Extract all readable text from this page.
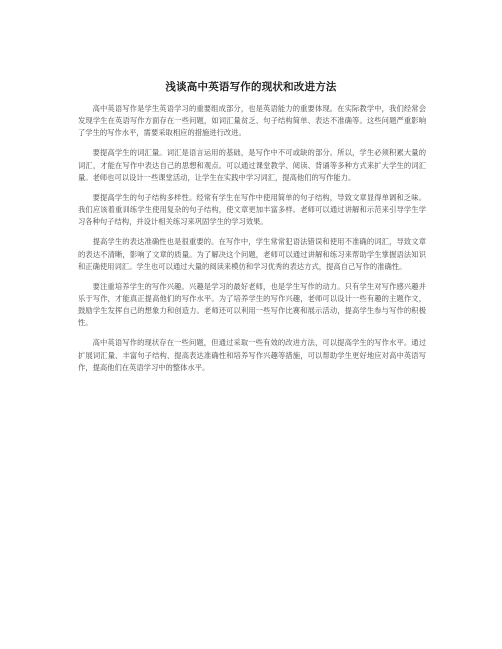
浅谈高中英语写作的现状和改进方法

高中英语写作是学生英语学习的重要组成部分，也是英语能力的重要体现。在实际教学中，我们经常会发现学生在英语写作方面存在一些问题，如词汇量贫乏、句子结构简单、表达不准确等。这些问题严重影响了学生的写作水平，需要采取相应的措施进行改进。

要提高学生的词汇量。词汇是语言运用的基础，是写作中不可或缺的部分。所以，学生必须积累大量的词汇，才能在写作中表达自己的思想和观点。可以通过课堂教学、阅读、背诵等多种方式来扩大学生的词汇量。老师也可以设计一些课堂活动，让学生在实践中学习词汇，提高他们的写作能力。

要提高学生的句子结构多样性。经常有学生在写作中使用简单的句子结构，导致文章显得单调和乏味。我们应该着重训练学生使用复杂的句子结构，使文章更加丰富多样。老师可以通过讲解和示范来引导学生学习各种句子结构，并设计相关练习来巩固学生的学习效果。

提高学生的表达准确性也是很重要的。在写作中，学生常常犯语法错误和使用不准确的词汇，导致文章的表达不清晰，影响了文章的质量。为了解决这个问题，老师可以通过讲解和练习来帮助学生掌握语法知识和正确使用词汇。学生也可以通过大量的阅读来模仿和学习优秀的表达方式，提高自己写作的准确性。

要注重培养学生的写作兴趣。兴趣是学习的最好老师，也是学生写作的动力。只有学生对写作感兴趣并乐于写作，才能真正提高他们的写作水平。为了培养学生的写作兴趣，老师可以设计一些有趣的主题作文，鼓励学生发挥自己的想象力和创造力。老师还可以利用一些写作比赛和展示活动，提高学生参与写作的积极性。

高中英语写作的现状存在一些问题，但通过采取一些有效的改进方法，可以提高学生的写作水平。通过扩展词汇量、丰富句子结构、提高表达准确性和培养写作兴趣等措施，可以帮助学生更好地应对高中英语写作，提高他们在英语学习中的整体水平。
